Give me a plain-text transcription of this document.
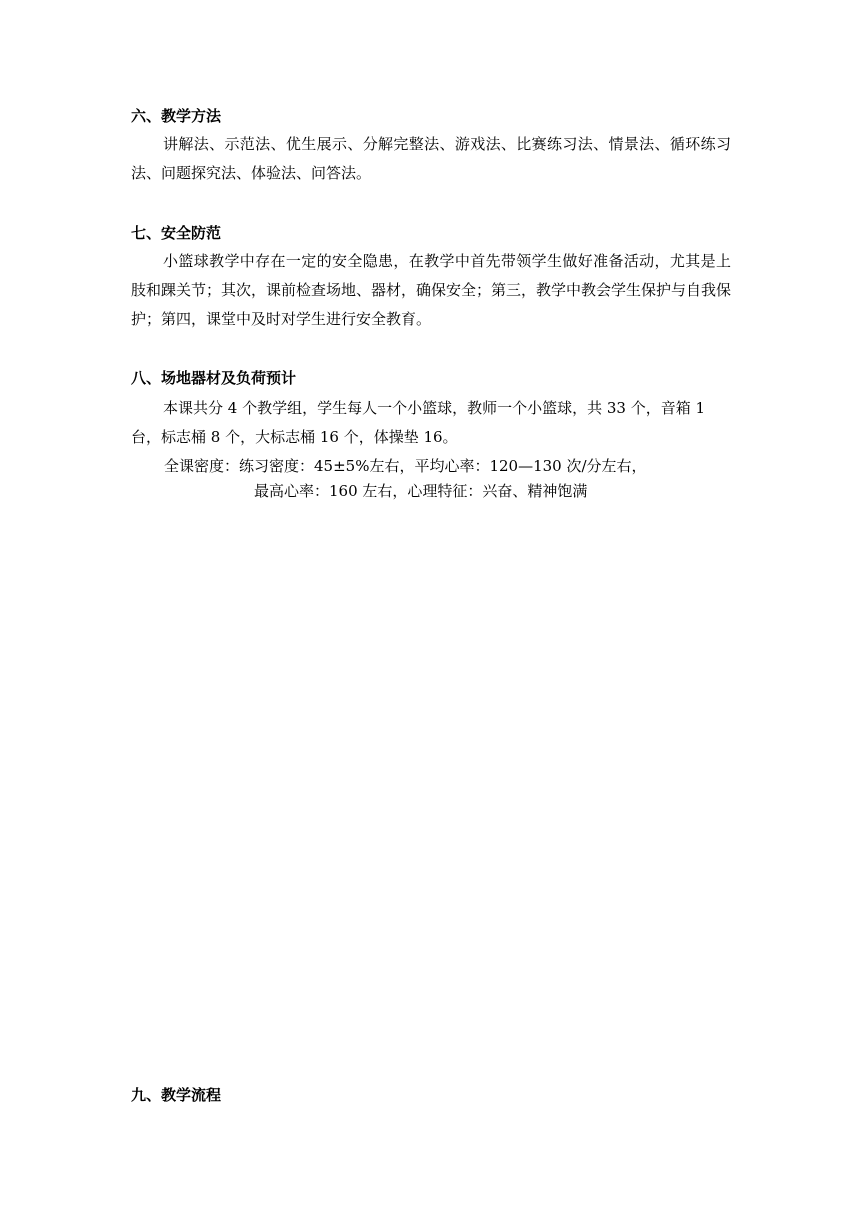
六、教学方法
讲解法、示范法、优生展示、分解完整法、游戏法、比赛练习法、情景法、循环练习法、问题探究法、体验法、问答法。
七、安全防范
小篮球教学中存在一定的安全隐患，在教学中首先带领学生做好准备活动，尤其是上肢和踝关节；其次，课前检查场地、器材，确保安全；第三，教学中教会学生保护与自我保护；第四，课堂中及时对学生进行安全教育。
八、场地器材及负荷预计
本课共分 4 个教学组，学生每人一个小篮球，教师一个小篮球，共 33 个，音箱 1 台，标志桶 8 个，大标志桶 16 个，体操垫 16。
全课密度：练习密度：45±5%左右，平均心率：120—130 次/分左右，
最高心率：160 左右，心理特征：兴奋、精神饱满
九、教学流程
